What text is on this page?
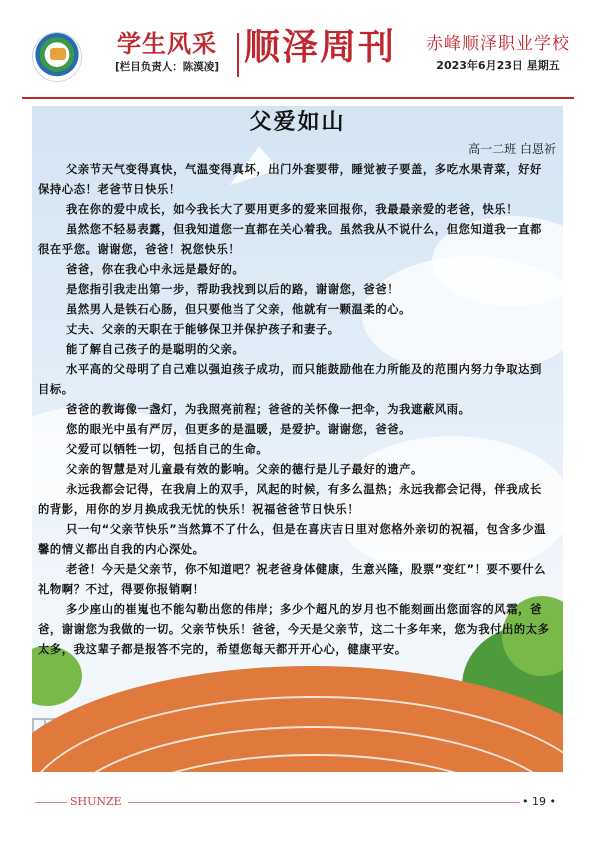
学生风采
[栏目负责人：陈漠凌] 顺泽周刊	赤峰顺泽职业学校
2023年6月23日 星期五
父爱如山
高一二班 白恩祈

父亲节天气变得真快，气温变得真坏，出门外套要带，睡觉被子要盖，多吃水果青菜，好好保持心态！老爸节日快乐！

我在你的爱中成长，如今我长大了要用更多的爱来回报你，我最最亲爱的老爸，快乐！

虽然您不轻易表露，但我知道您一直都在关心着我。虽然我从不说什么，但您知道我一直都很在乎您。谢谢您，爸爸！祝您快乐！

爸爸，你在我心中永远是最好的。

是您指引我走出第一步，帮助我找到以后的路，谢谢您，爸爸！

虽然男人是铁石心肠，但只要他当了父亲，他就有一颗温柔的心。

丈夫、父亲的天职在于能够保卫并保护孩子和妻子。

能了解自己孩子的是聪明的父亲。

水平高的父母明了自己难以强迫孩子成功，而只能鼓励他在力所能及的范围内努力争取达到目标。

爸爸的教诲像一盏灯，为我照亮前程；爸爸的关怀像一把伞，为我遮蔽风雨。

您的眼光中虽有严厉，但更多的是温暖，是爱护。谢谢您，爸爸。

父爱可以牺牲一切，包括自己的生命。

父亲的智慧是对儿童最有效的影响。父亲的德行是儿子最好的遗产。

永远我都会记得，在我肩上的双手，风起的时候，有多么温热；永远我都会记得，伴我成长的背影，用你的岁月换成我无忧的快乐！祝福爸爸节日快乐！

只一句“父亲节快乐”当然算不了什么，但是在喜庆吉日里对您格外亲切的祝福，包含多少温馨的情义都出自我的内心深处。

老爸！今天是父亲节，你不知道吧？祝老爸身体健康，生意兴隆，股票”变红”！要不要什么礼物啊？不过，得要你报销啊！

多少座山的崔嵬也不能勾勒出您的伟岸；多少个超凡的岁月也不能刻画出您面容的风霜，爸爸，谢谢您为我做的一切。父亲节快乐！爸爸，今天是父亲节，这二十多年来，您为我付出的太多太多，我这辈子都是报答不完的，希望您每天都开开心心，健康平安。

SHUNZE	• 19 •
